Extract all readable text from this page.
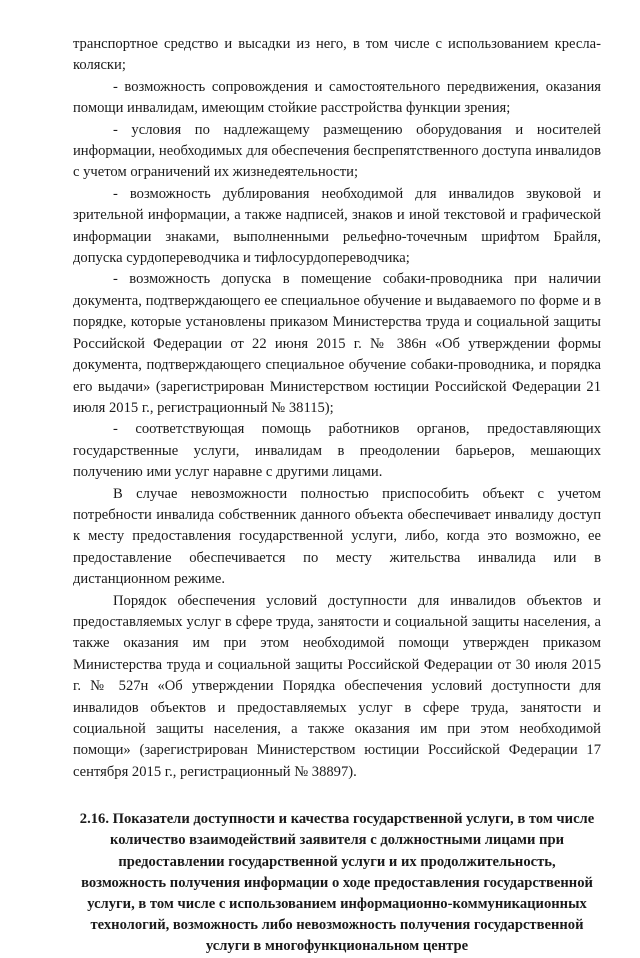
транспортное средство и высадки из него, в том числе с использованием кресла-коляски;

- возможность сопровождения и самостоятельного передвижения, оказания помощи инвалидам, имеющим стойкие расстройства функции зрения;

- условия по надлежащему размещению оборудования и носителей информации, необходимых для обеспечения беспрепятственного доступа инвалидов с учетом ограничений их жизнедеятельности;

- возможность дублирования необходимой для инвалидов звуковой и зрительной информации, а также надписей, знаков и иной текстовой и графической информации знаками, выполненными рельефно-точечным шрифтом Брайля, допуска сурдопереводчика и тифлосурдопереводчика;

- возможность допуска в помещение собаки-проводника при наличии документа, подтверждающего ее специальное обучение и выдаваемого по форме и в порядке, которые установлены приказом Министерства труда и социальной защиты Российской Федерации от 22 июня 2015 г. № 386н «Об утверждении формы документа, подтверждающего специальное обучение собаки-проводника, и порядка его выдачи» (зарегистрирован Министерством юстиции Российской Федерации 21 июля 2015 г., регистрационный № 38115);

- соответствующая помощь работников органов, предоставляющих государственные услуги, инвалидам в преодолении барьеров, мешающих получению ими услуг наравне с другими лицами.

В случае невозможности полностью приспособить объект с учетом потребности инвалида собственник данного объекта обеспечивает инвалиду доступ к месту предоставления государственной услуги, либо, когда это возможно, ее предоставление обеспечивается по месту жительства инвалида или в дистанционном режиме.

Порядок обеспечения условий доступности для инвалидов объектов и предоставляемых услуг в сфере труда, занятости и социальной защиты населения, а также оказания им при этом необходимой помощи утвержден приказом Министерства труда и социальной защиты Российской Федерации от 30 июля 2015 г. № 527н «Об утверждении Порядка обеспечения условий доступности для инвалидов объектов и предоставляемых услуг в сфере труда, занятости и социальной защиты населения, а также оказания им при этом необходимой помощи» (зарегистрирован Министерством юстиции Российской Федерации 17 сентября 2015 г., регистрационный № 38897).

2.16. Показатели доступности и качества государственной услуги, в том числе количество взаимодействий заявителя с должностными лицами при предоставлении государственной услуги и их продолжительность, возможность получения информации о ходе предоставления государственной услуги, в том числе с использованием информационно-коммуникационных технологий, возможность либо невозможность получения государственной услуги в многофункциональном центре
